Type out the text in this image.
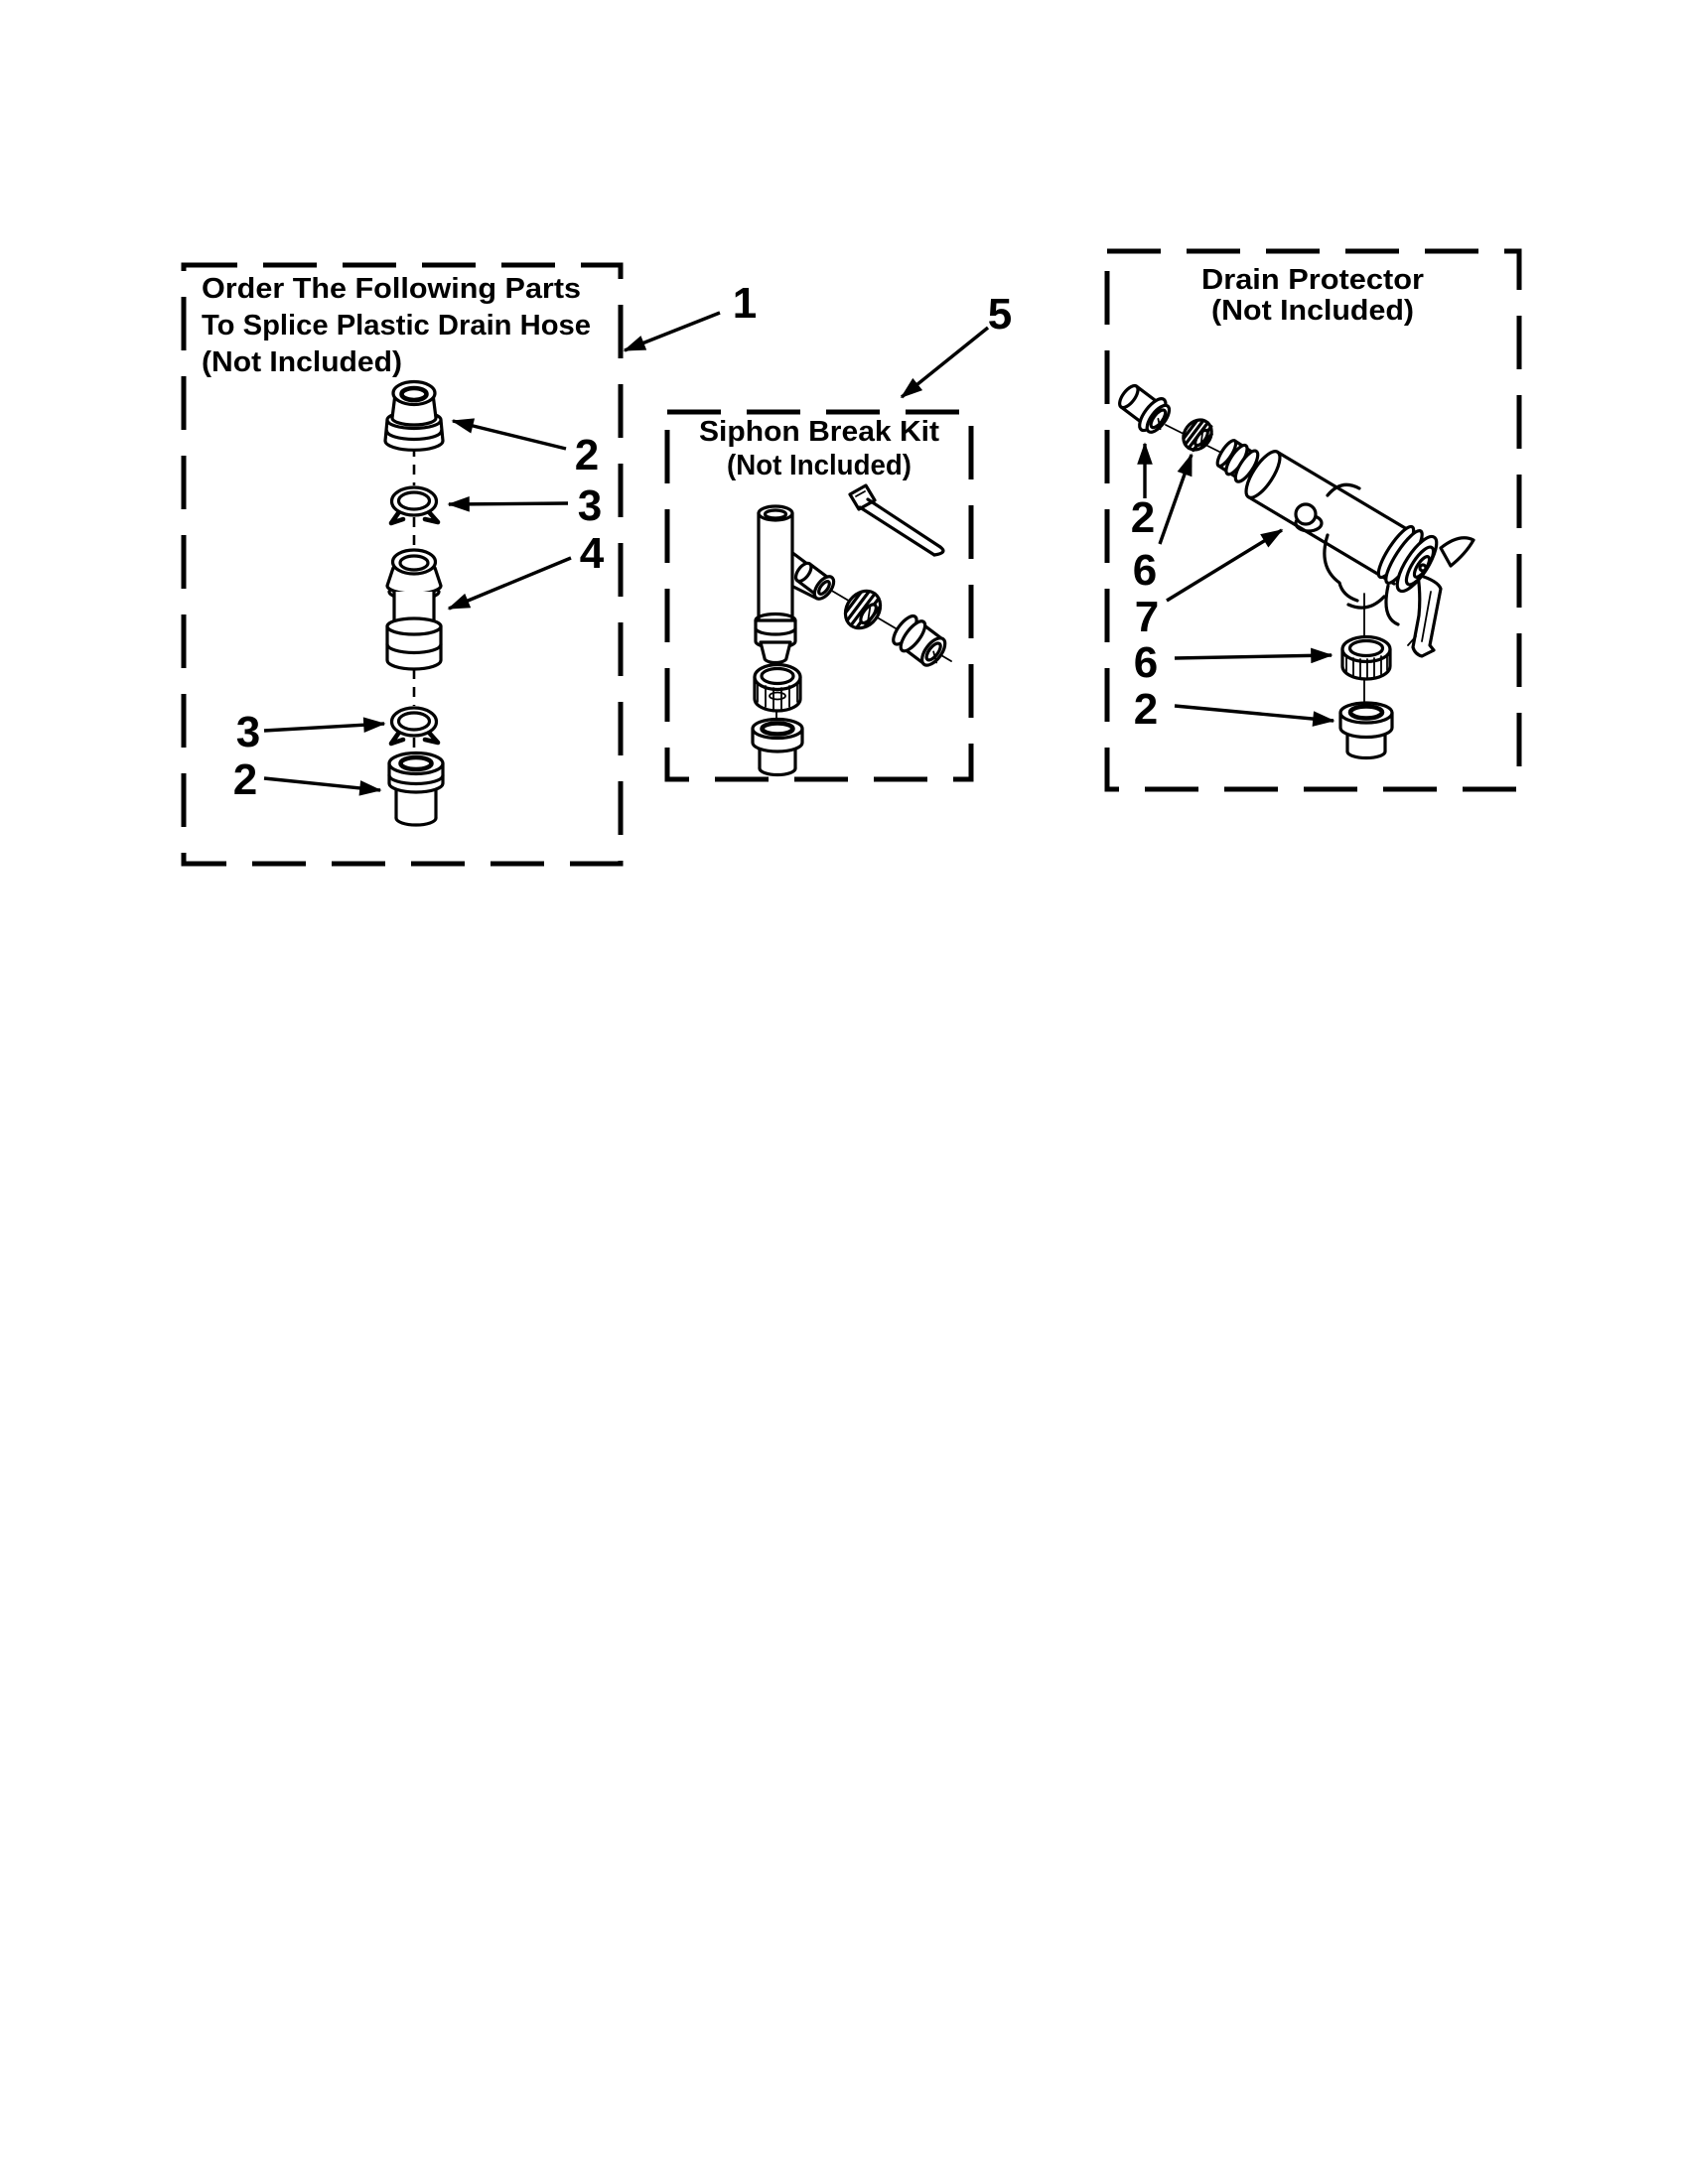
Order The Following Parts
To Splice Plastic Drain Hose
(Not Included)
2
3
4
3
2
1
Siphon Break Kit
(Not Included)
5
Drain Protector
(Not Included)
2
6
7
6
2
